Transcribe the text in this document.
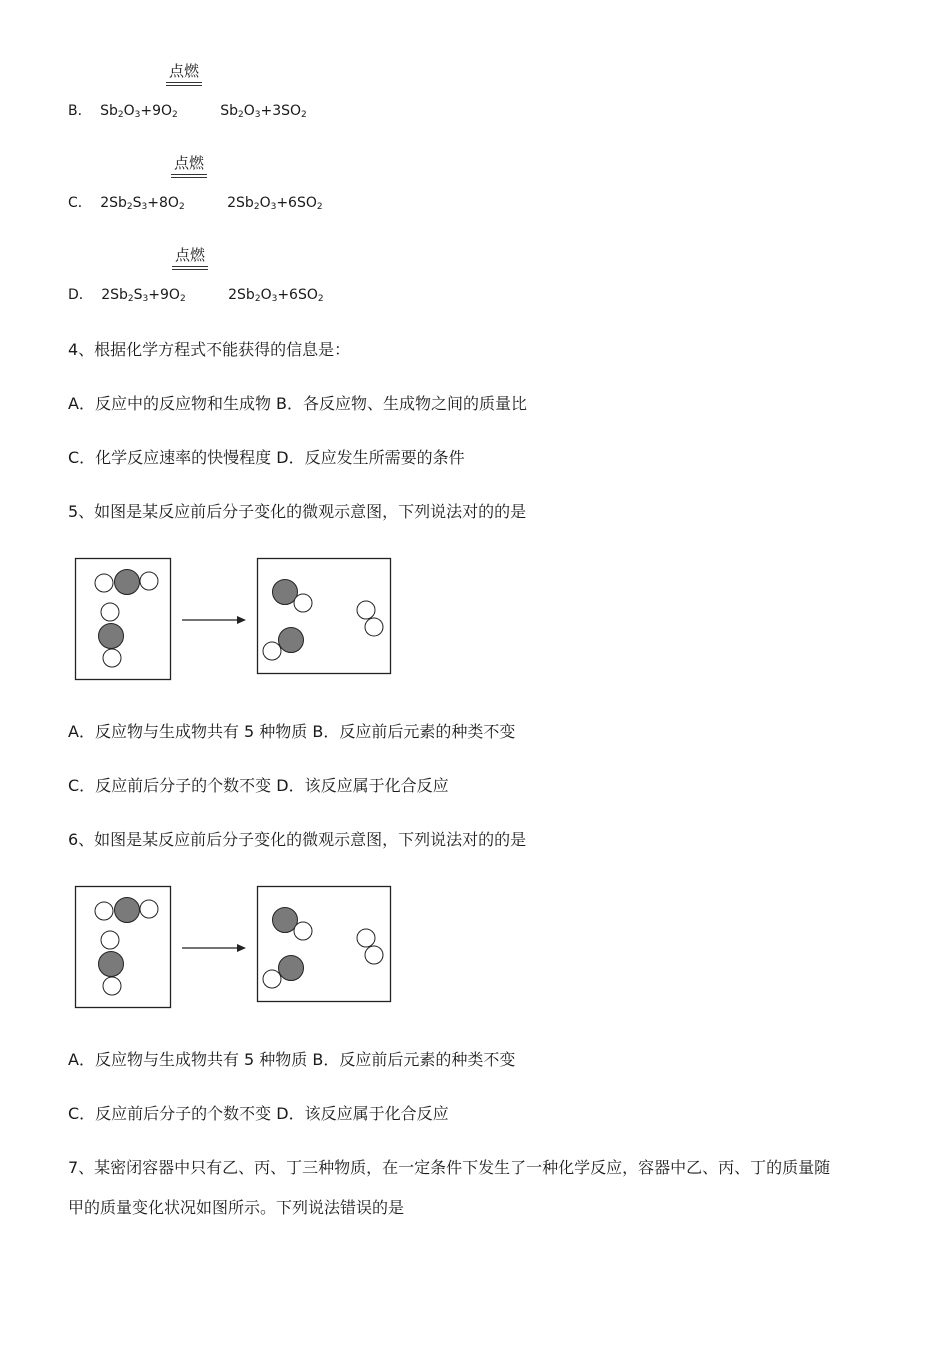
点燃
B． $Sb_2O_3+9O_2$	$Sb_2O_3+3SO_2$
点燃
C． $2Sb_2S_3+8O_2$	$2Sb_2O_3+6SO_2$
点燃
D． $2Sb_2S_3+9O_2$	$2Sb_2O_3+6SO_2$
4、根据化学方程式不能获得的信息是：
A．反应中的反应物和生成物 B．各反应物、生成物之间的质量比
C．化学反应速率的快慢程度 D．反应发生所需要的条件
5、如图是某反应前后分子变化的微观示意图，下列说法对的的是
A．反应物与生成物共有 5 种物质 B．反应前后元素的种类不变
C．反应前后分子的个数不变 D．该反应属于化合反应
6、如图是某反应前后分子变化的微观示意图，下列说法对的的是
A．反应物与生成物共有 5 种物质 B．反应前后元素的种类不变
C．反应前后分子的个数不变 D．该反应属于化合反应
7、某密闭容器中只有乙、丙、丁三种物质，在一定条件下发生了一种化学反应，容器中乙、丙、丁的质量随
甲的质量变化状况如图所示。下列说法错误的是
